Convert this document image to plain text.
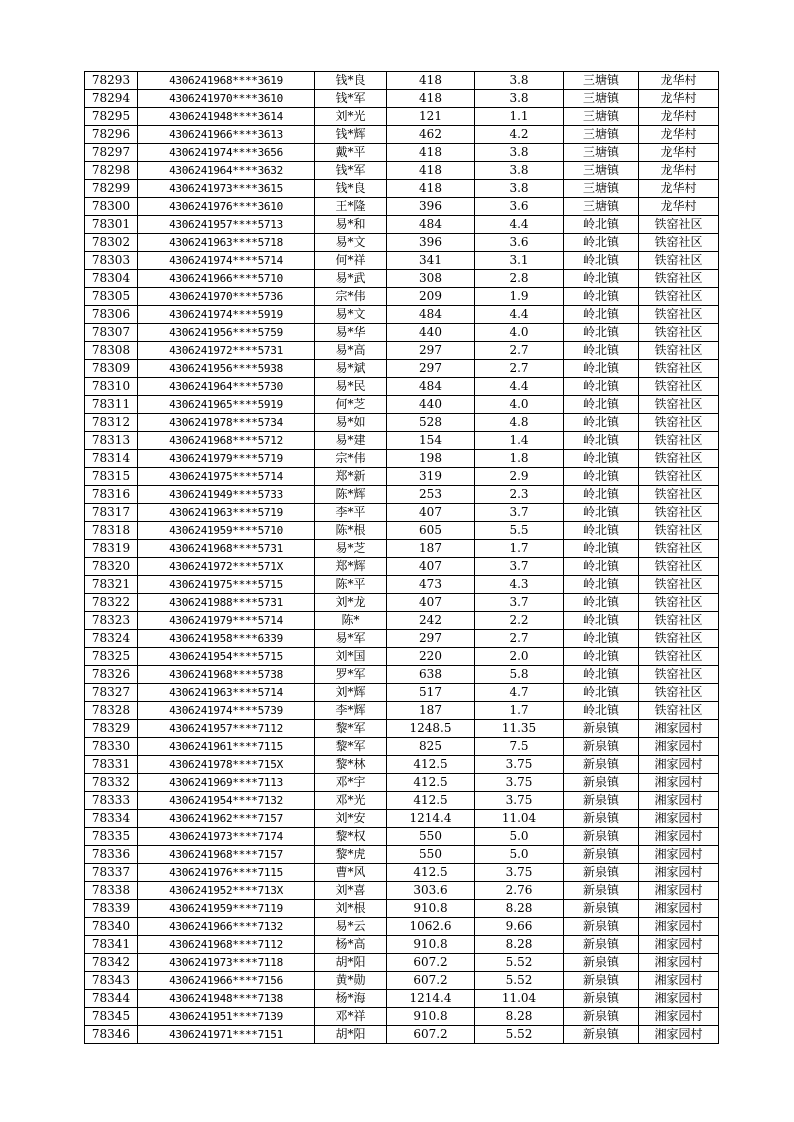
78293	4306241968****3619	钱*良	418	3.8	三塘镇	龙华村
78294	4306241970****3610	钱*军	418	3.8	三塘镇	龙华村
78295	4306241948****3614	刘*光	121	1.1	三塘镇	龙华村
78296	4306241966****3613	钱*辉	462	4.2	三塘镇	龙华村
78297	4306241974****3656	戴*平	418	3.8	三塘镇	龙华村
78298	4306241964****3632	钱*军	418	3.8	三塘镇	龙华村
78299	4306241973****3615	钱*良	418	3.8	三塘镇	龙华村
78300	4306241976****3610	王*隆	396	3.6	三塘镇	龙华村
78301	4306241957****5713	易*和	484	4.4	岭北镇	铁窑社区
78302	4306241963****5718	易*文	396	3.6	岭北镇	铁窑社区
78303	4306241974****5714	何*祥	341	3.1	岭北镇	铁窑社区
78304	4306241966****5710	易*武	308	2.8	岭北镇	铁窑社区
78305	4306241970****5736	宗*伟	209	1.9	岭北镇	铁窑社区
78306	4306241974****5919	易*文	484	4.4	岭北镇	铁窑社区
78307	4306241956****5759	易*华	440	4.0	岭北镇	铁窑社区
78308	4306241972****5731	易*高	297	2.7	岭北镇	铁窑社区
78309	4306241956****5938	易*斌	297	2.7	岭北镇	铁窑社区
78310	4306241964****5730	易*民	484	4.4	岭北镇	铁窑社区
78311	4306241965****5919	何*芝	440	4.0	岭北镇	铁窑社区
78312	4306241978****5734	易*如	528	4.8	岭北镇	铁窑社区
78313	4306241968****5712	易*建	154	1.4	岭北镇	铁窑社区
78314	4306241979****5719	宗*伟	198	1.8	岭北镇	铁窑社区
78315	4306241975****5714	郑*新	319	2.9	岭北镇	铁窑社区
78316	4306241949****5733	陈*辉	253	2.3	岭北镇	铁窑社区
78317	4306241963****5719	李*平	407	3.7	岭北镇	铁窑社区
78318	4306241959****5710	陈*根	605	5.5	岭北镇	铁窑社区
78319	4306241968****5731	易*芝	187	1.7	岭北镇	铁窑社区
78320	4306241972****571X	郑*辉	407	3.7	岭北镇	铁窑社区
78321	4306241975****5715	陈*平	473	4.3	岭北镇	铁窑社区
78322	4306241988****5731	刘*龙	407	3.7	岭北镇	铁窑社区
78323	4306241979****5714	陈*	242	2.2	岭北镇	铁窑社区
78324	4306241958****6339	易*军	297	2.7	岭北镇	铁窑社区
78325	4306241954****5715	刘*国	220	2.0	岭北镇	铁窑社区
78326	4306241968****5738	罗*军	638	5.8	岭北镇	铁窑社区
78327	4306241963****5714	刘*辉	517	4.7	岭北镇	铁窑社区
78328	4306241974****5739	李*辉	187	1.7	岭北镇	铁窑社区
78329	4306241957****7112	黎*军	1248.5	11.35	新泉镇	湘家园村
78330	4306241961****7115	黎*军	825	7.5	新泉镇	湘家园村
78331	4306241978****715X	黎*林	412.5	3.75	新泉镇	湘家园村
78332	4306241969****7113	邓*宇	412.5	3.75	新泉镇	湘家园村
78333	4306241954****7132	邓*光	412.5	3.75	新泉镇	湘家园村
78334	4306241962****7157	刘*安	1214.4	11.04	新泉镇	湘家园村
78335	4306241973****7174	黎*权	550	5.0	新泉镇	湘家园村
78336	4306241968****7157	黎*虎	550	5.0	新泉镇	湘家园村
78337	4306241976****7115	曹*风	412.5	3.75	新泉镇	湘家园村
78338	4306241952****713X	刘*喜	303.6	2.76	新泉镇	湘家园村
78339	4306241959****7119	刘*根	910.8	8.28	新泉镇	湘家园村
78340	4306241966****7132	易*云	1062.6	9.66	新泉镇	湘家园村
78341	4306241968****7112	杨*高	910.8	8.28	新泉镇	湘家园村
78342	4306241973****7118	胡*阳	607.2	5.52	新泉镇	湘家园村
78343	4306241966****7156	黄*勋	607.2	5.52	新泉镇	湘家园村
78344	4306241948****7138	杨*海	1214.4	11.04	新泉镇	湘家园村
78345	4306241951****7139	邓*祥	910.8	8.28	新泉镇	湘家园村
78346	4306241971****7151	胡*阳	607.2	5.52	新泉镇	湘家园村
